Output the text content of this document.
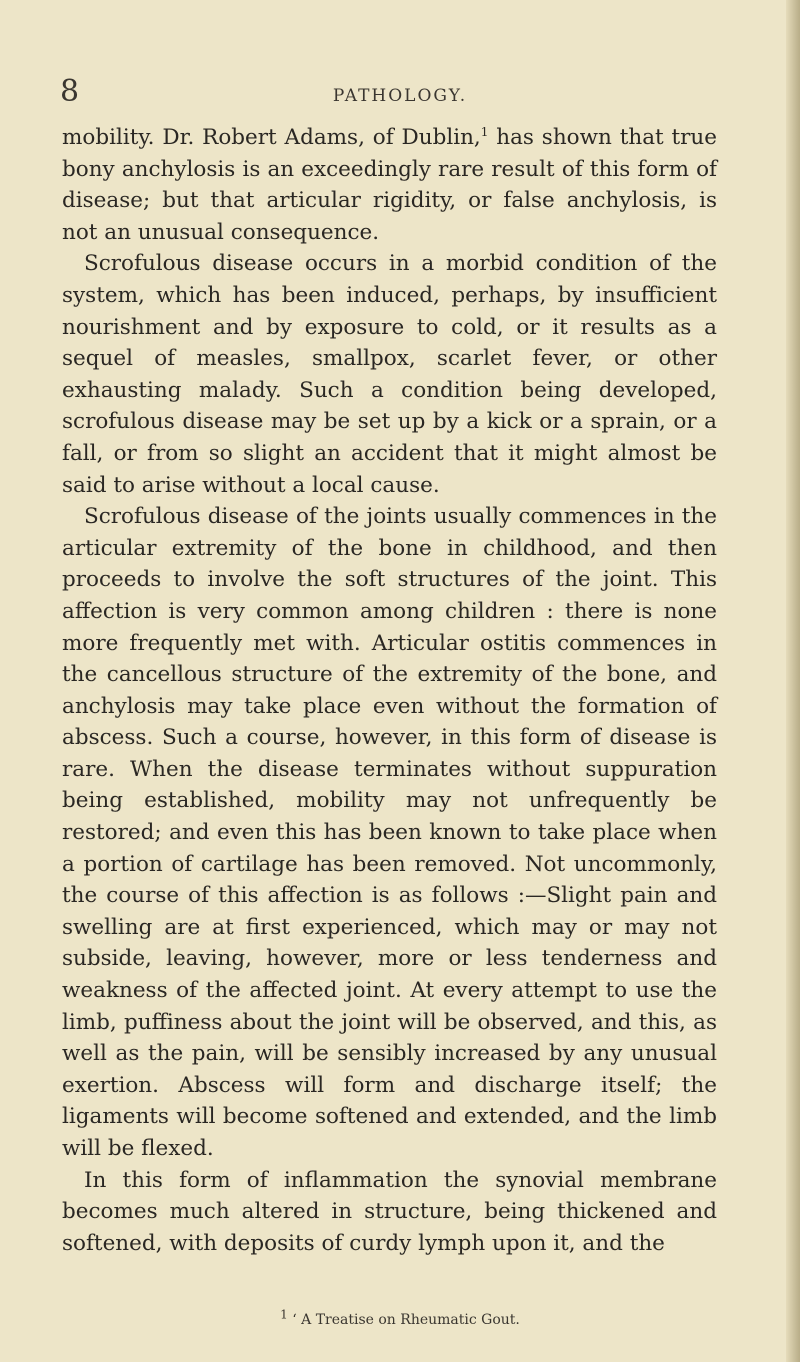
8	PATHOLOGY.

mobility. Dr. Robert Adams, of Dublin,$^1$ has shown that true bony anchylosis is an exceedingly rare result of this form of disease; but that articular rigidity, or false anchylosis, is not an unusual consequence.

Scrofulous disease occurs in a morbid condition of the system, which has been induced, perhaps, by insufficient nourishment and by exposure to cold, or it results as a sequel of measles, smallpox, scarlet fever, or other exhausting malady. Such a condition being developed, scrofulous disease may be set up by a kick or a sprain, or a fall, or from so slight an accident that it might almost be said to arise without a local cause.

Scrofulous disease of the joints usually commences in the articular extremity of the bone in childhood, and then proceeds to involve the soft structures of the joint. This affection is very common among children : there is none more frequently met with. Articular ostitis commences in the cancellous structure of the extremity of the bone, and anchylosis may take place even without the formation of abscess. Such a course, however, in this form of disease is rare. When the disease terminates without suppuration being established, mobility may not unfrequently be restored; and even this has been known to take place when a portion of cartilage has been removed. Not uncommonly, the course of this affection is as follows :—Slight pain and swelling are at first experienced, which may or may not subside, leaving, however, more or less tenderness and weakness of the affected joint. At every attempt to use the limb, puffiness about the joint will be observed, and this, as well as the pain, will be sensibly increased by any unusual exertion. Abscess will form and discharge itself; the ligaments will become softened and extended, and the limb will be flexed.

In this form of inflammation the synovial membrane becomes much altered in structure, being thickened and softened, with deposits of curdy lymph upon it, and the

$^1$ ‘ A Treatise on Rheumatic Gout.
